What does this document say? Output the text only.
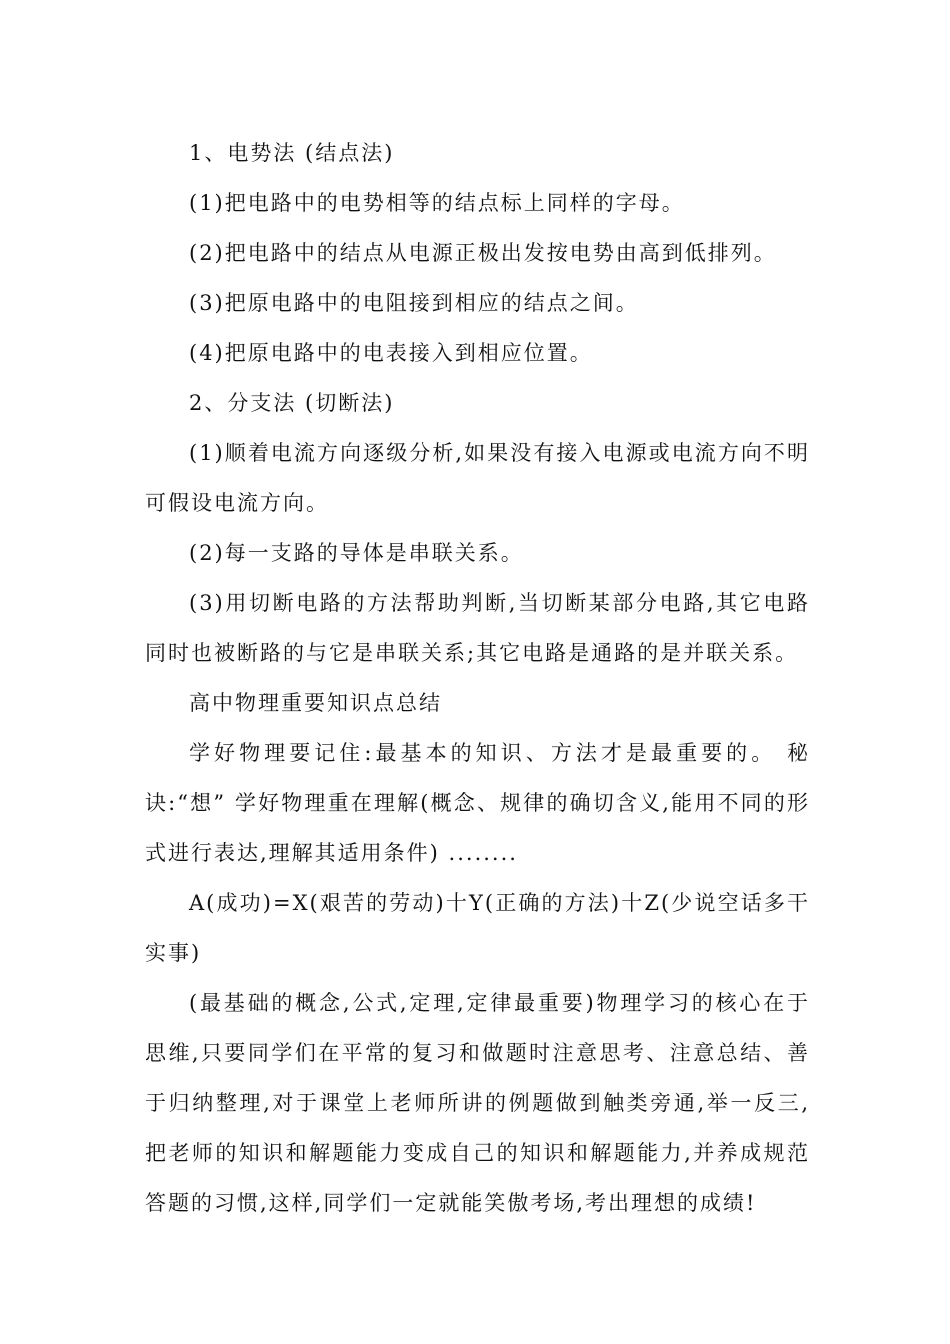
1、电势法 (结点法)

(1)把电路中的电势相等的结点标上同样的字母。

(2)把电路中的结点从电源正极出发按电势由高到低排列。

(3)把原电路中的电阻接到相应的结点之间。

(4)把原电路中的电表接入到相应位置。

2、分支法 (切断法)

(1)顺着电流方向逐级分析,如果没有接入电源或电流方向不明可假设电流方向。

(2)每一支路的导体是串联关系。

(3)用切断电路的方法帮助判断,当切断某部分电路,其它电路同时也被断路的与它是串联关系;其它电路是通路的是并联关系。

高中物理重要知识点总结

学好物理要记住:最基本的知识、方法才是最重要的。 秘诀:“想” 学好物理重在理解(概念、规律的确切含义,能用不同的形式进行表达,理解其适用条件) ........

A(成功)=X(艰苦的劳动)十Y(正确的方法)十Z(少说空话多干实事)

(最基础的概念,公式,定理,定律最重要)物理学习的核心在于思维,只要同学们在平常的复习和做题时注意思考、注意总结、善于归纳整理,对于课堂上老师所讲的例题做到触类旁通,举一反三,把老师的知识和解题能力变成自己的知识和解题能力,并养成规范答题的习惯,这样,同学们一定就能笑傲考场,考出理想的成绩!
